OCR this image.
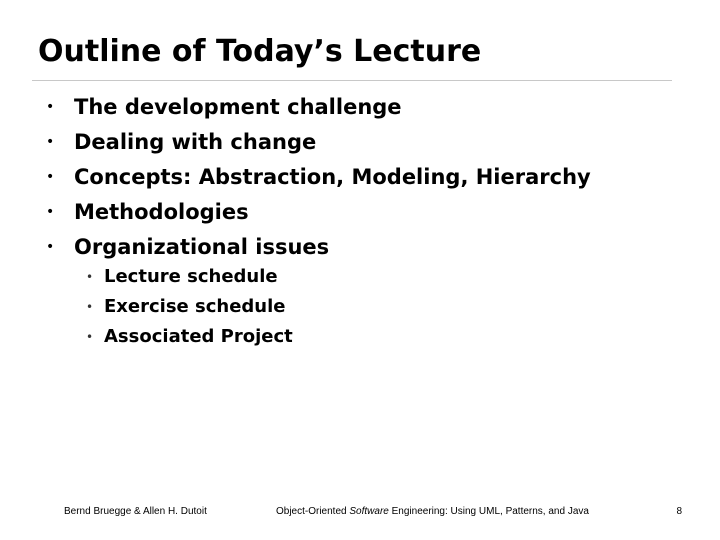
Outline of Today’s Lecture
• The development challenge
• Dealing with change
• Concepts: Abstraction, Modeling, Hierarchy
• Methodologies
• Organizational issues
• Lecture schedule
• Exercise schedule
• Associated Project
Bernd Bruegge & Allen H. Dutoit	Object-Oriented Software Engineering: Using UML, Patterns, and Java	8
